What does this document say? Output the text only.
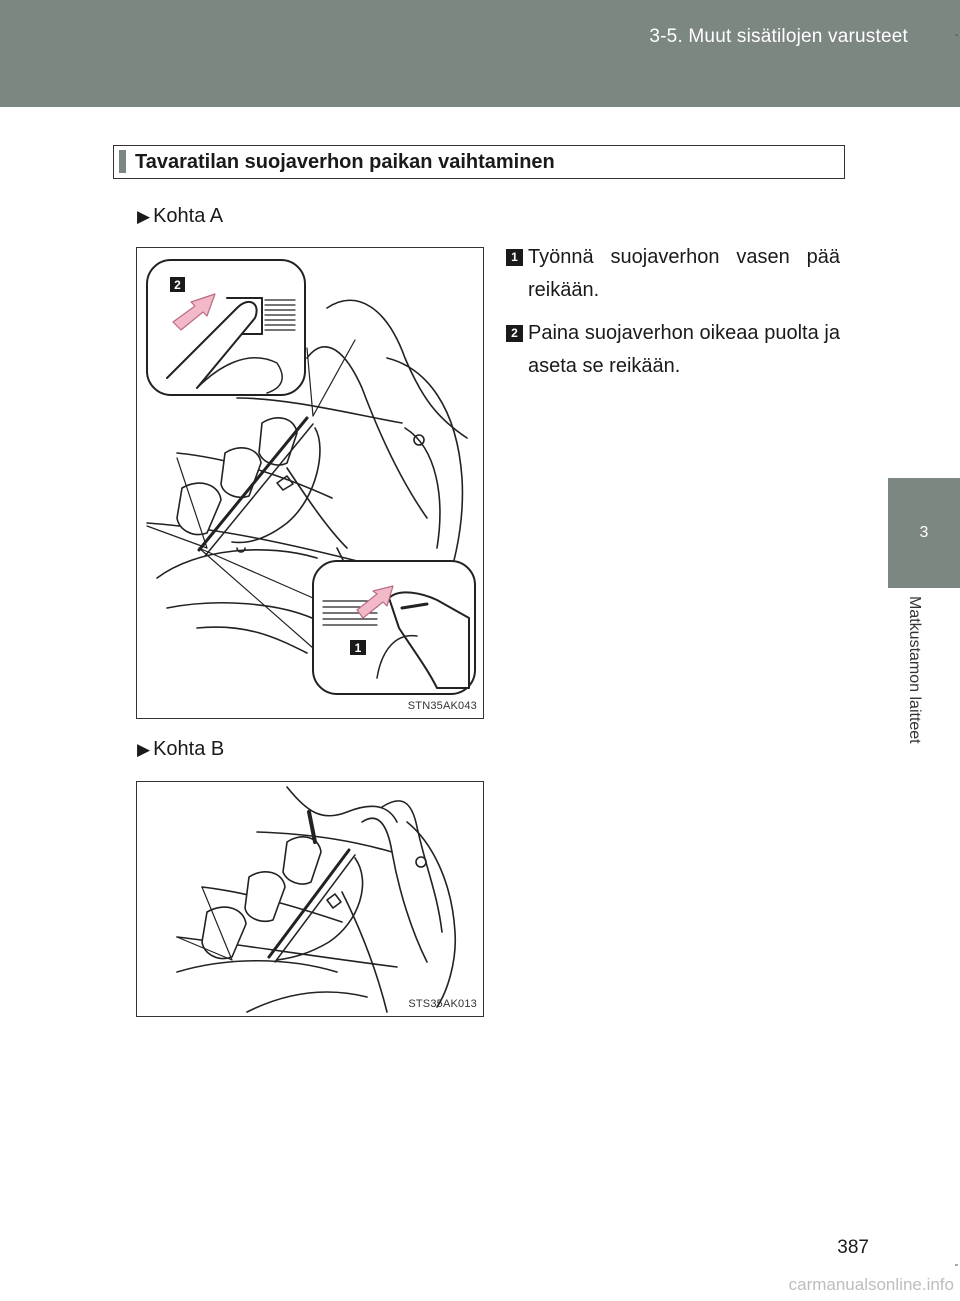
3-5. Muut sisätilojen varusteet
3
Matkustamon laitteet
Tavaratilan suojaverhon paikan vaihtaminen
▶ Kohta A
2
1
STN35AK043
1 Työnnä suojaverhon vasen pää reikään.
2 Paina suojaverhon oikeaa puolta ja aseta se reikään.
▶ Kohta B
STS35AK013
387
carmanualsonline.info
